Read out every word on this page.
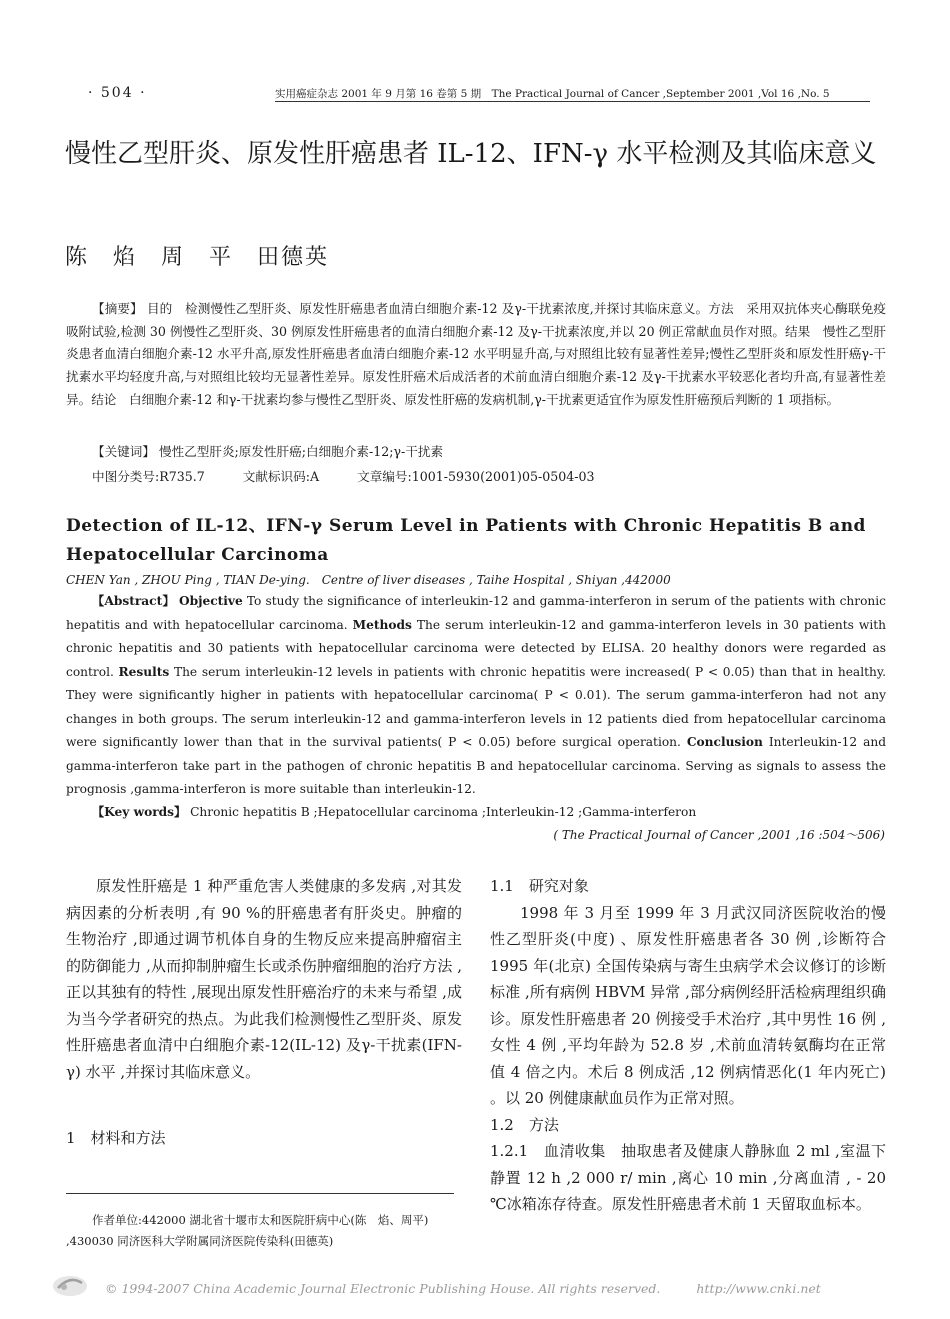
· 504 ·	实用癌症杂志 2001 年 9 月第 16 卷第 5 期　The Practical Journal of Cancer ,September 2001 ,Vol 16 ,No. 5
慢性乙型肝炎、原发性肝癌患者 IL-12、IFN-γ 水平检测及其临床意义
陈　焰　周　平　田德英

【摘要】 目的　检测慢性乙型肝炎、原发性肝癌患者血清白细胞介素-12 及γ-干扰素浓度,并探讨其临床意义。方法　采用双抗体夹心酶联免疫吸附试验,检测 30 例慢性乙型肝炎、30 例原发性肝癌患者的血清白细胞介素-12 及γ-干扰素浓度,并以 20 例正常献血员作对照。结果　慢性乙型肝炎患者血清白细胞介素-12 水平升高,原发性肝癌患者血清白细胞介素-12 水平明显升高,与对照组比较有显著性差异;慢性乙型肝炎和原发性肝癌γ-干扰素水平均轻度升高,与对照组比较均无显著性差异。原发性肝癌术后成活者的术前血清白细胞介素-12 及γ-干扰素水平较恶化者均升高,有显著性差异。结论　白细胞介素-12 和γ-干扰素均参与慢性乙型肝炎、原发性肝癌的发病机制,γ-干扰素更适宜作为原发性肝癌预后判断的 1 项指标。

【关键词】 慢性乙型肝炎;原发性肝癌;白细胞介素-12;γ-干扰素
中图分类号:R735.7	文献标识码:A	文章编号:1001-5930(2001)05-0504-03
Detection of IL-12、IFN-γ Serum Level in Patients with Chronic Hepatitis B and Hepatocellular Carcinoma
CHEN Yan , ZHOU Ping , TIAN De-ying.　Centre of liver diseases , Taihe Hospital , Shiyan ,442000

【Abstract】 Objective To study the significance of interleukin-12 and gamma-interferon in serum of the patients with chronic hepatitis and with hepatocellular carcinoma. Methods The serum interleukin-12 and gamma-interferon levels in 30 patients with chronic hepatitis and 30 patients with hepatocellular carcinoma were detected by ELISA. 20 healthy donors were regarded as control. Results The serum interleukin-12 levels in patients with chronic hepatitis were increased( P < 0.05) than that in healthy. They were significantly higher in patients with hepatocellular carcinoma( P < 0.01). The serum gamma-interferon had not any changes in both groups. The serum interleukin-12 and gamma-interferon levels in 12 patients died from hepatocellular carcinoma were significantly lower than that in the survival patients( P < 0.05) before surgical operation. Conclusion Interleukin-12 and gamma-interferon take part in the pathogen of chronic hepatitis B and hepatocellular carcinoma. Serving as signals to assess the prognosis ,gamma-interferon is more suitable than interleukin-12.

【Key words】 Chronic hepatitis B ;Hepatocellular carcinoma ;Interleukin-12 ;Gamma-interferon
( The Practical Journal of Cancer ,2001 ,16 :504～506)

原发性肝癌是 1 种严重危害人类健康的多发病 ,对其发病因素的分析表明 ,有 90 %的肝癌患者有肝炎史。肿瘤的生物治疗 ,即通过调节机体自身的生物反应来提高肿瘤宿主的防御能力 ,从而抑制肿瘤生长或杀伤肿瘤细胞的治疗方法 ,正以其独有的特性 ,展现出原发性肝癌治疗的未来与希望 ,成为当今学者研究的热点。为此我们检测慢性乙型肝炎、原发性肝癌患者血清中白细胞介素-12(IL-12) 及γ-干扰素(IFN-γ) 水平 ,并探讨其临床意义。

1　材料和方法

作者单位:442000 湖北省十堰市太和医院肝病中心(陈　焰、周平) ,430030 同济医科大学附属同济医院传染科(田德英)

1.1　研究对象

1998 年 3 月至 1999 年 3 月武汉同济医院收治的慢性乙型肝炎(中度) 、原发性肝癌患者各 30 例 ,诊断符合 1995 年(北京) 全国传染病与寄生虫病学术会议修订的诊断标准 ,所有病例 HBVM 异常 ,部分病例经肝活检病理组织确诊。原发性肝癌患者 20 例接受手术治疗 ,其中男性 16 例 ,女性 4 例 ,平均年龄为 52.8 岁 ,术前血清转氨酶均在正常值 4 倍之内。术后 8 例成活 ,12 例病情恶化(1 年内死亡) 。以 20 例健康献血员作为正常对照。

1.2　方法

1.2.1　血清收集　抽取患者及健康人静脉血 2 ml ,室温下静置 12 h ,2 000 r/ min ,离心 10 min ,分离血清 , - 20 ℃冰箱冻存待查。原发性肝癌患者术前 1 天留取血标本。

© 1994-2007 China Academic Journal Electronic Publishing House. All rights reserved.	http://www.cnki.net
